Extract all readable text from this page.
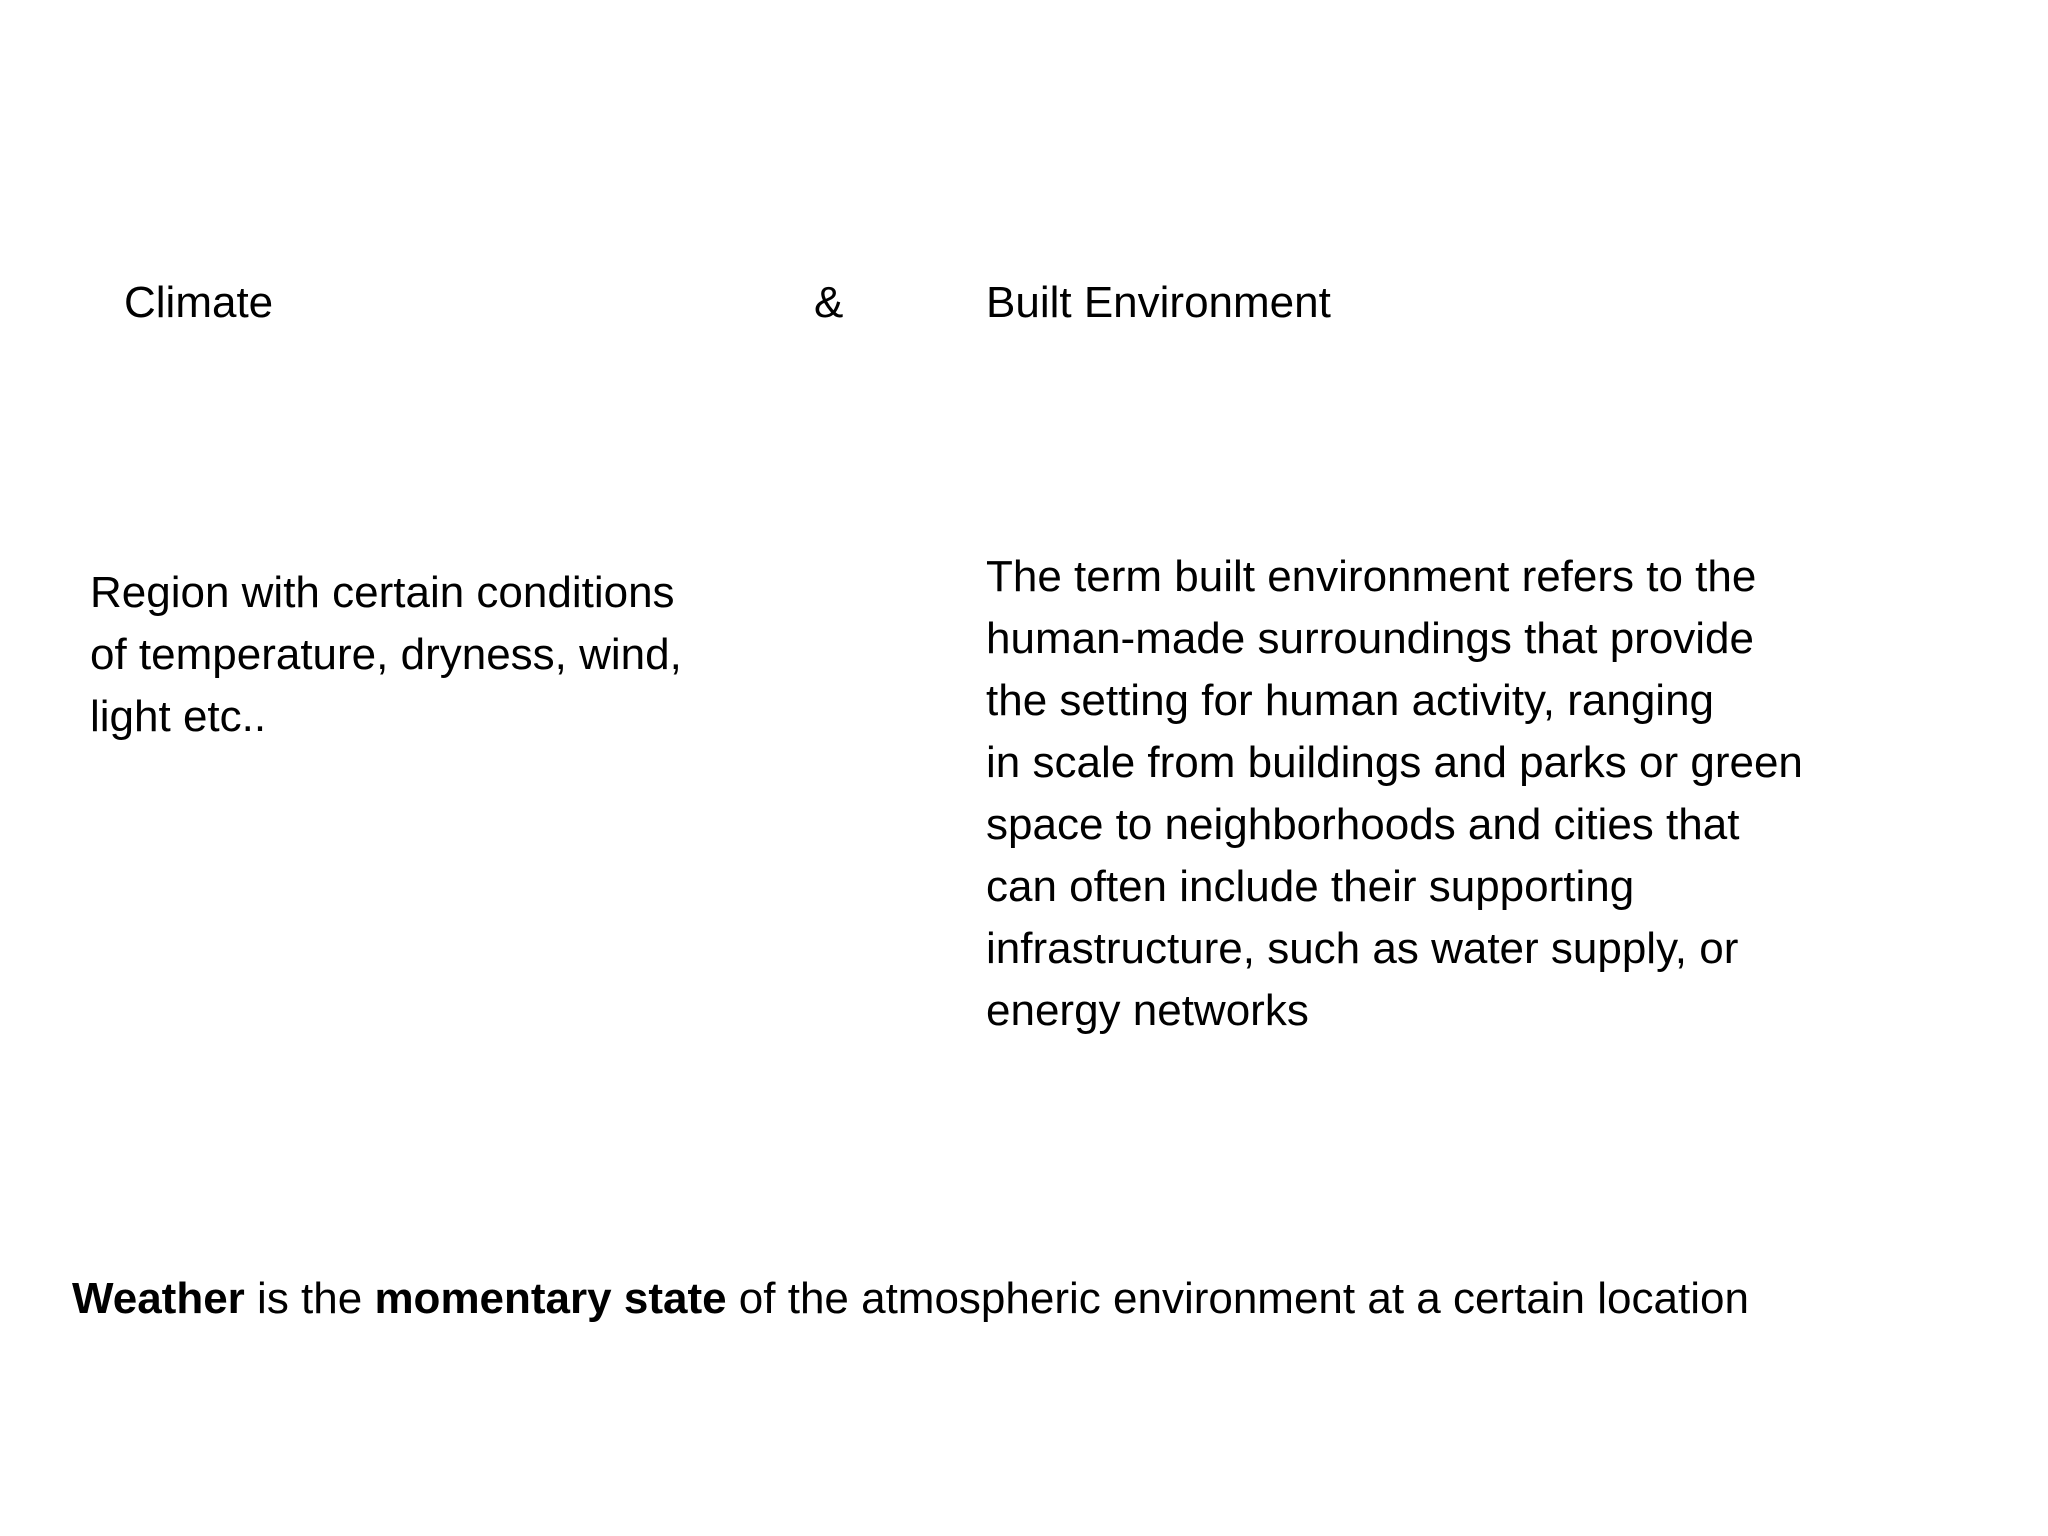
Climate	&	Built Environment

Region with certain conditions
of temperature, dryness, wind,
light etc..
The term built environment refers to the
human-made surroundings that provide
the setting for human activity, ranging
in scale from buildings and parks or green
space to neighborhoods and cities that
can often include their supporting
infrastructure, such as water supply, or
energy networks

Weather is the momentary state of the atmospheric environment at a certain location
